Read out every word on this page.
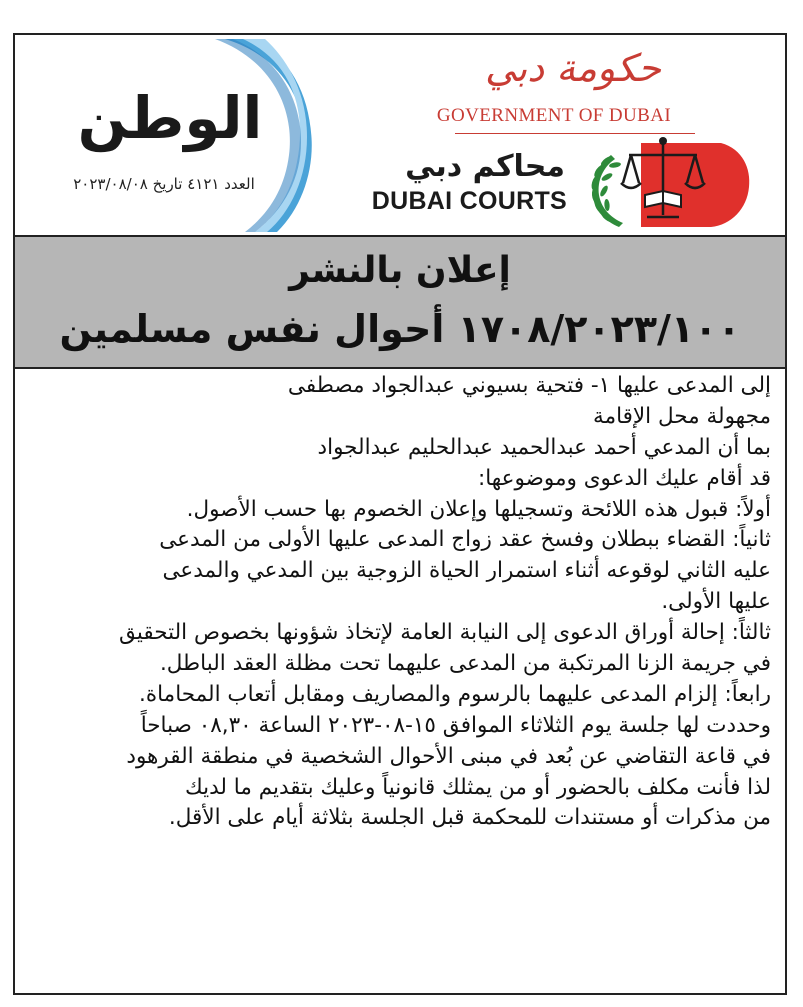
الوطن
العدد ٤١٢١ تاريخ ٢٠٢٣/٠٨/٠٨
حكومة دبي
GOVERNMENT OF DUBAI
محاكم دبي
DUBAI COURTS
إعلان بالنشر
١٧٠٨/٢٠٢٣/١٠٠ أحوال نفس مسلمين
إلى المدعى عليها ١- فتحية بسيوني عبدالجواد مصطفى
مجهولة محل الإقامة
بما أن المدعي أحمد عبدالحميد عبدالحليم عبدالجواد
قد أقام عليك الدعوى وموضوعها:
أولاً: قبول هذه اللائحة وتسجيلها وإعلان الخصوم بها حسب الأصول.
ثانياً: القضاء ببطلان وفسخ عقد زواج المدعى عليها الأولى من المدعى
عليه الثاني لوقوعه أثناء استمرار الحياة الزوجية بين المدعي والمدعى
عليها الأولى.
ثالثاً: إحالة أوراق الدعوى إلى النيابة العامة لإتخاذ شؤونها بخصوص التحقيق
في جريمة الزنا المرتكبة من المدعى عليهما تحت مظلة العقد الباطل.
رابعاً: إلزام المدعى عليهما بالرسوم والمصاريف ومقابل أتعاب المحاماة.
وحددت لها جلسة يوم الثلاثاء الموافق ١٥-٠٨-٢٠٢٣ الساعة ٠٨,٣٠ صباحاً
في قاعة التقاضي عن بُعد في مبنى الأحوال الشخصية في منطقة القرهود
لذا فأنت مكلف بالحضور أو من يمثلك قانونياً وعليك بتقديم ما لديك
من مذكرات أو مستندات للمحكمة قبل الجلسة بثلاثة أيام على الأقل.
